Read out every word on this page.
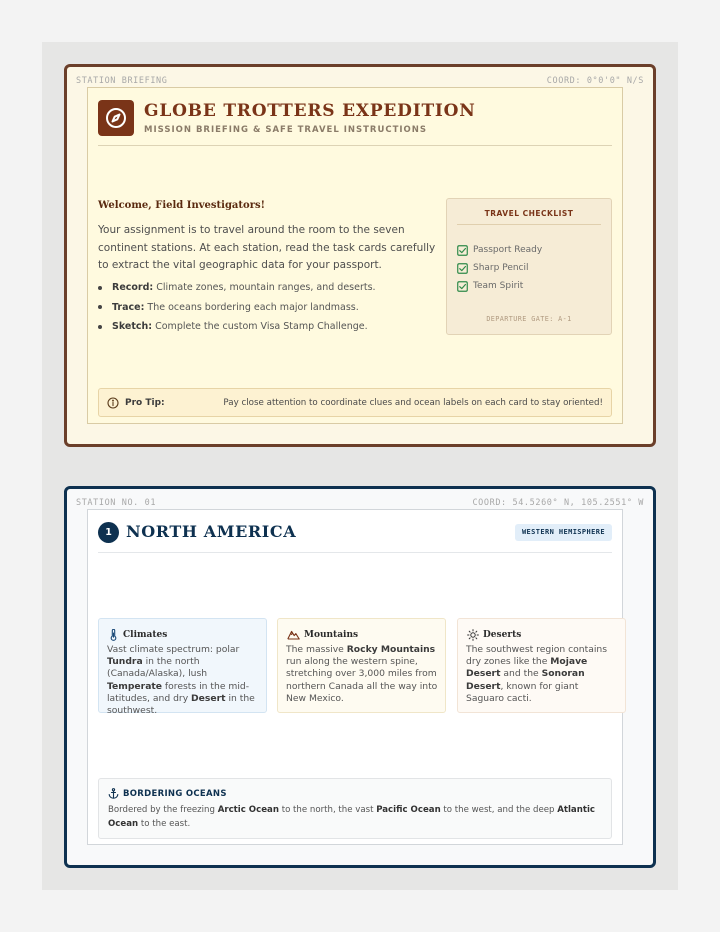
STATION BRIEFING	COORD: 0°0'0" N/S
GLOBE TROTTERS EXPEDITION
MISSION BRIEFING & SAFE TRAVEL INSTRUCTIONS
Welcome, Field Investigators!
Your assignment is to travel around the room to the seven continent stations. At each station, read the task cards carefully to extract the vital geographic data for your passport.
Record: Climate zones, mountain ranges, and deserts.
Trace: The oceans bordering each major landmass.
Sketch: Complete the custom Visa Stamp Challenge.
TRAVEL CHECKLIST
Passport Ready
Sharp Pencil
Team Spirit
DEPARTURE GATE: A-1
Pro Tip:	Pay close attention to coordinate clues and ocean labels on each card to stay oriented!
STATION NO. 01	COORD: 54.5260° N, 105.2551° W
1 NORTH AMERICA	WESTERN HEMISPHERE
Climates
Vast climate spectrum: polar Tundra in the north (Canada/Alaska), lush Temperate forests in the mid-latitudes, and dry Desert in the southwest.
Mountains
The massive Rocky Mountains run along the western spine, stretching over 3,000 miles from northern Canada all the way into New Mexico.
Deserts
The southwest region contains dry zones like the Mojave Desert and the Sonoran Desert, known for giant Saguaro cacti.
BORDERING OCEANS
Bordered by the freezing Arctic Ocean to the north, the vast Pacific Ocean to the west, and the deep Atlantic Ocean to the east.
